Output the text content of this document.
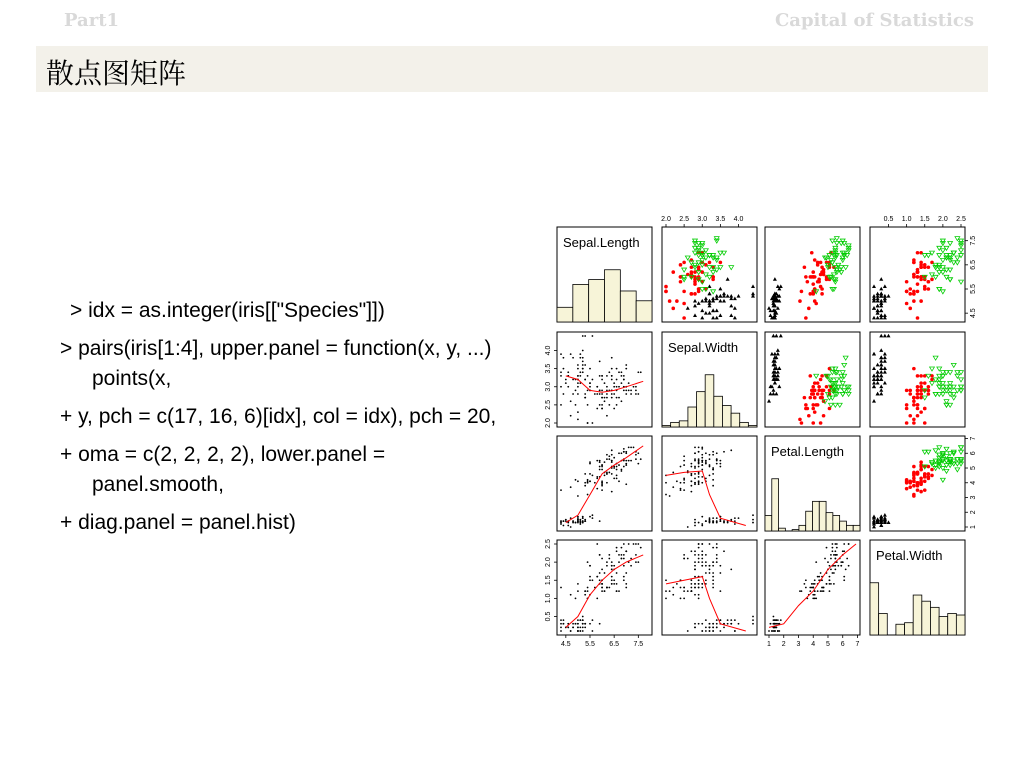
Part1	Capital of Statistics
散点图矩阵
> idx = as.integer(iris[["Species"]])
> pairs(iris[1:4], upper.panel = function(x, y, ...) points(x,
+ y, pch = c(17, 16, 6)[idx], col = idx), pch = 20,
+ oma = c(2, 2, 2, 2), lower.panel = panel.smooth,
+ diag.panel = panel.hist)
Sepal.Length
Sepal.Width
Petal.Length
Petal.Width
4.5
4.5
5.5
5.5
6.5
6.5
7.5
7.5
2.0
2.0
2.5
2.5
3.0
3.0
3.5
3.5
4.0
4.0
1
1
2
2
3
3
4
4
5
5
6
6
7
7
0.5
0.5
1.0
1.0
1.5
1.5
2.0
2.0
2.5
2.5
